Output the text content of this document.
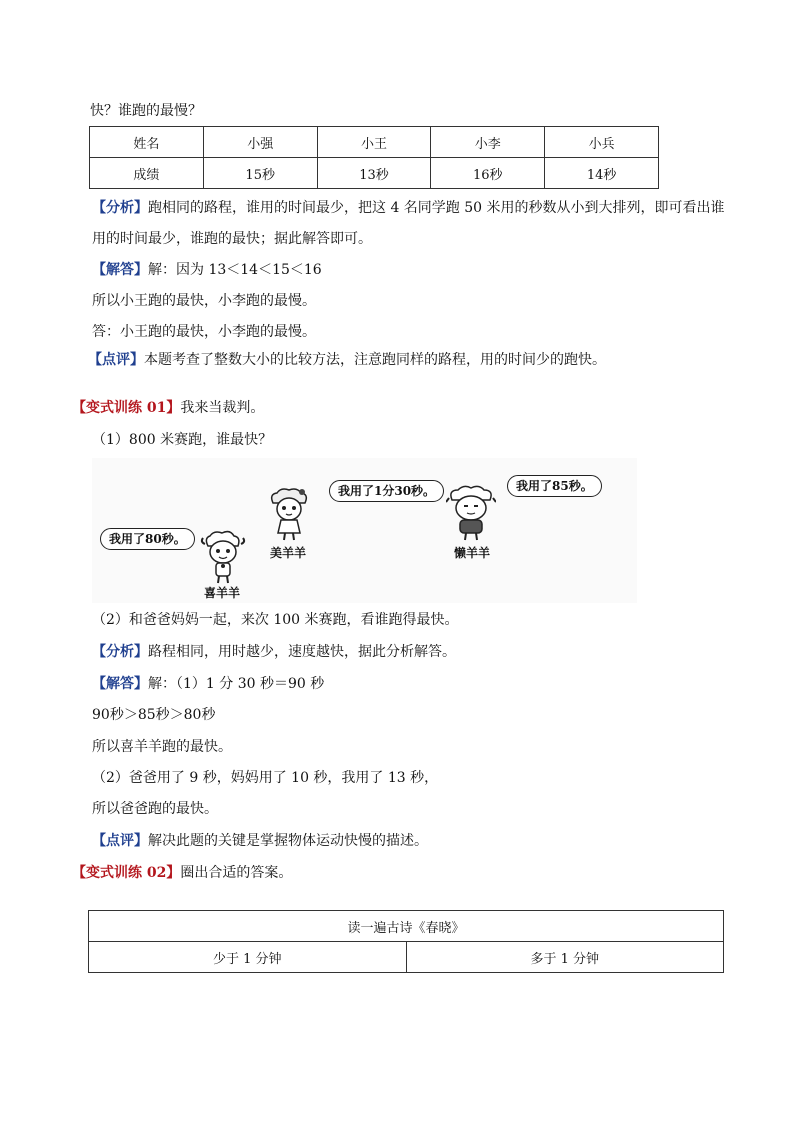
快？谁跑的最慢？
姓名	小强	小王	小李	小兵
成绩	15秒	13秒	16秒	14秒
【分析】跑相同的路程，谁用的时间最少，把这 4 名同学跑 50 米用的秒数从小到大排列，即可看出谁
用的时间最少，谁跑的最快；据此解答即可。
【解答】解：因为 13＜14＜15＜16
所以小王跑的最快，小李跑的最慢。
答：小王跑的最快，小李跑的最慢。
【点评】本题考查了整数大小的比较方法，注意跑同样的路程，用的时间少的跑快。
【变式训练 01】我来当裁判。
（1）800 米赛跑，谁最快？
我用了80秒。
喜羊羊
我用了1分30秒。
美羊羊
我用了85秒。
懒羊羊
（2）和爸爸妈妈一起，来次 100 米赛跑，看谁跑得最快。
【分析】路程相同，用时越少，速度越快，据此分析解答。
【解答】解：（1）1 分 30 秒＝90 秒
90秒＞85秒＞80秒
所以喜羊羊跑的最快。
（2）爸爸用了 9 秒，妈妈用了 10 秒，我用了 13 秒，
所以爸爸跑的最快。
【点评】解决此题的关键是掌握物体运动快慢的描述。
【变式训练 02】圈出合适的答案。
读一遍古诗《春晓》
少于 1 分钟	多于 1 分钟
